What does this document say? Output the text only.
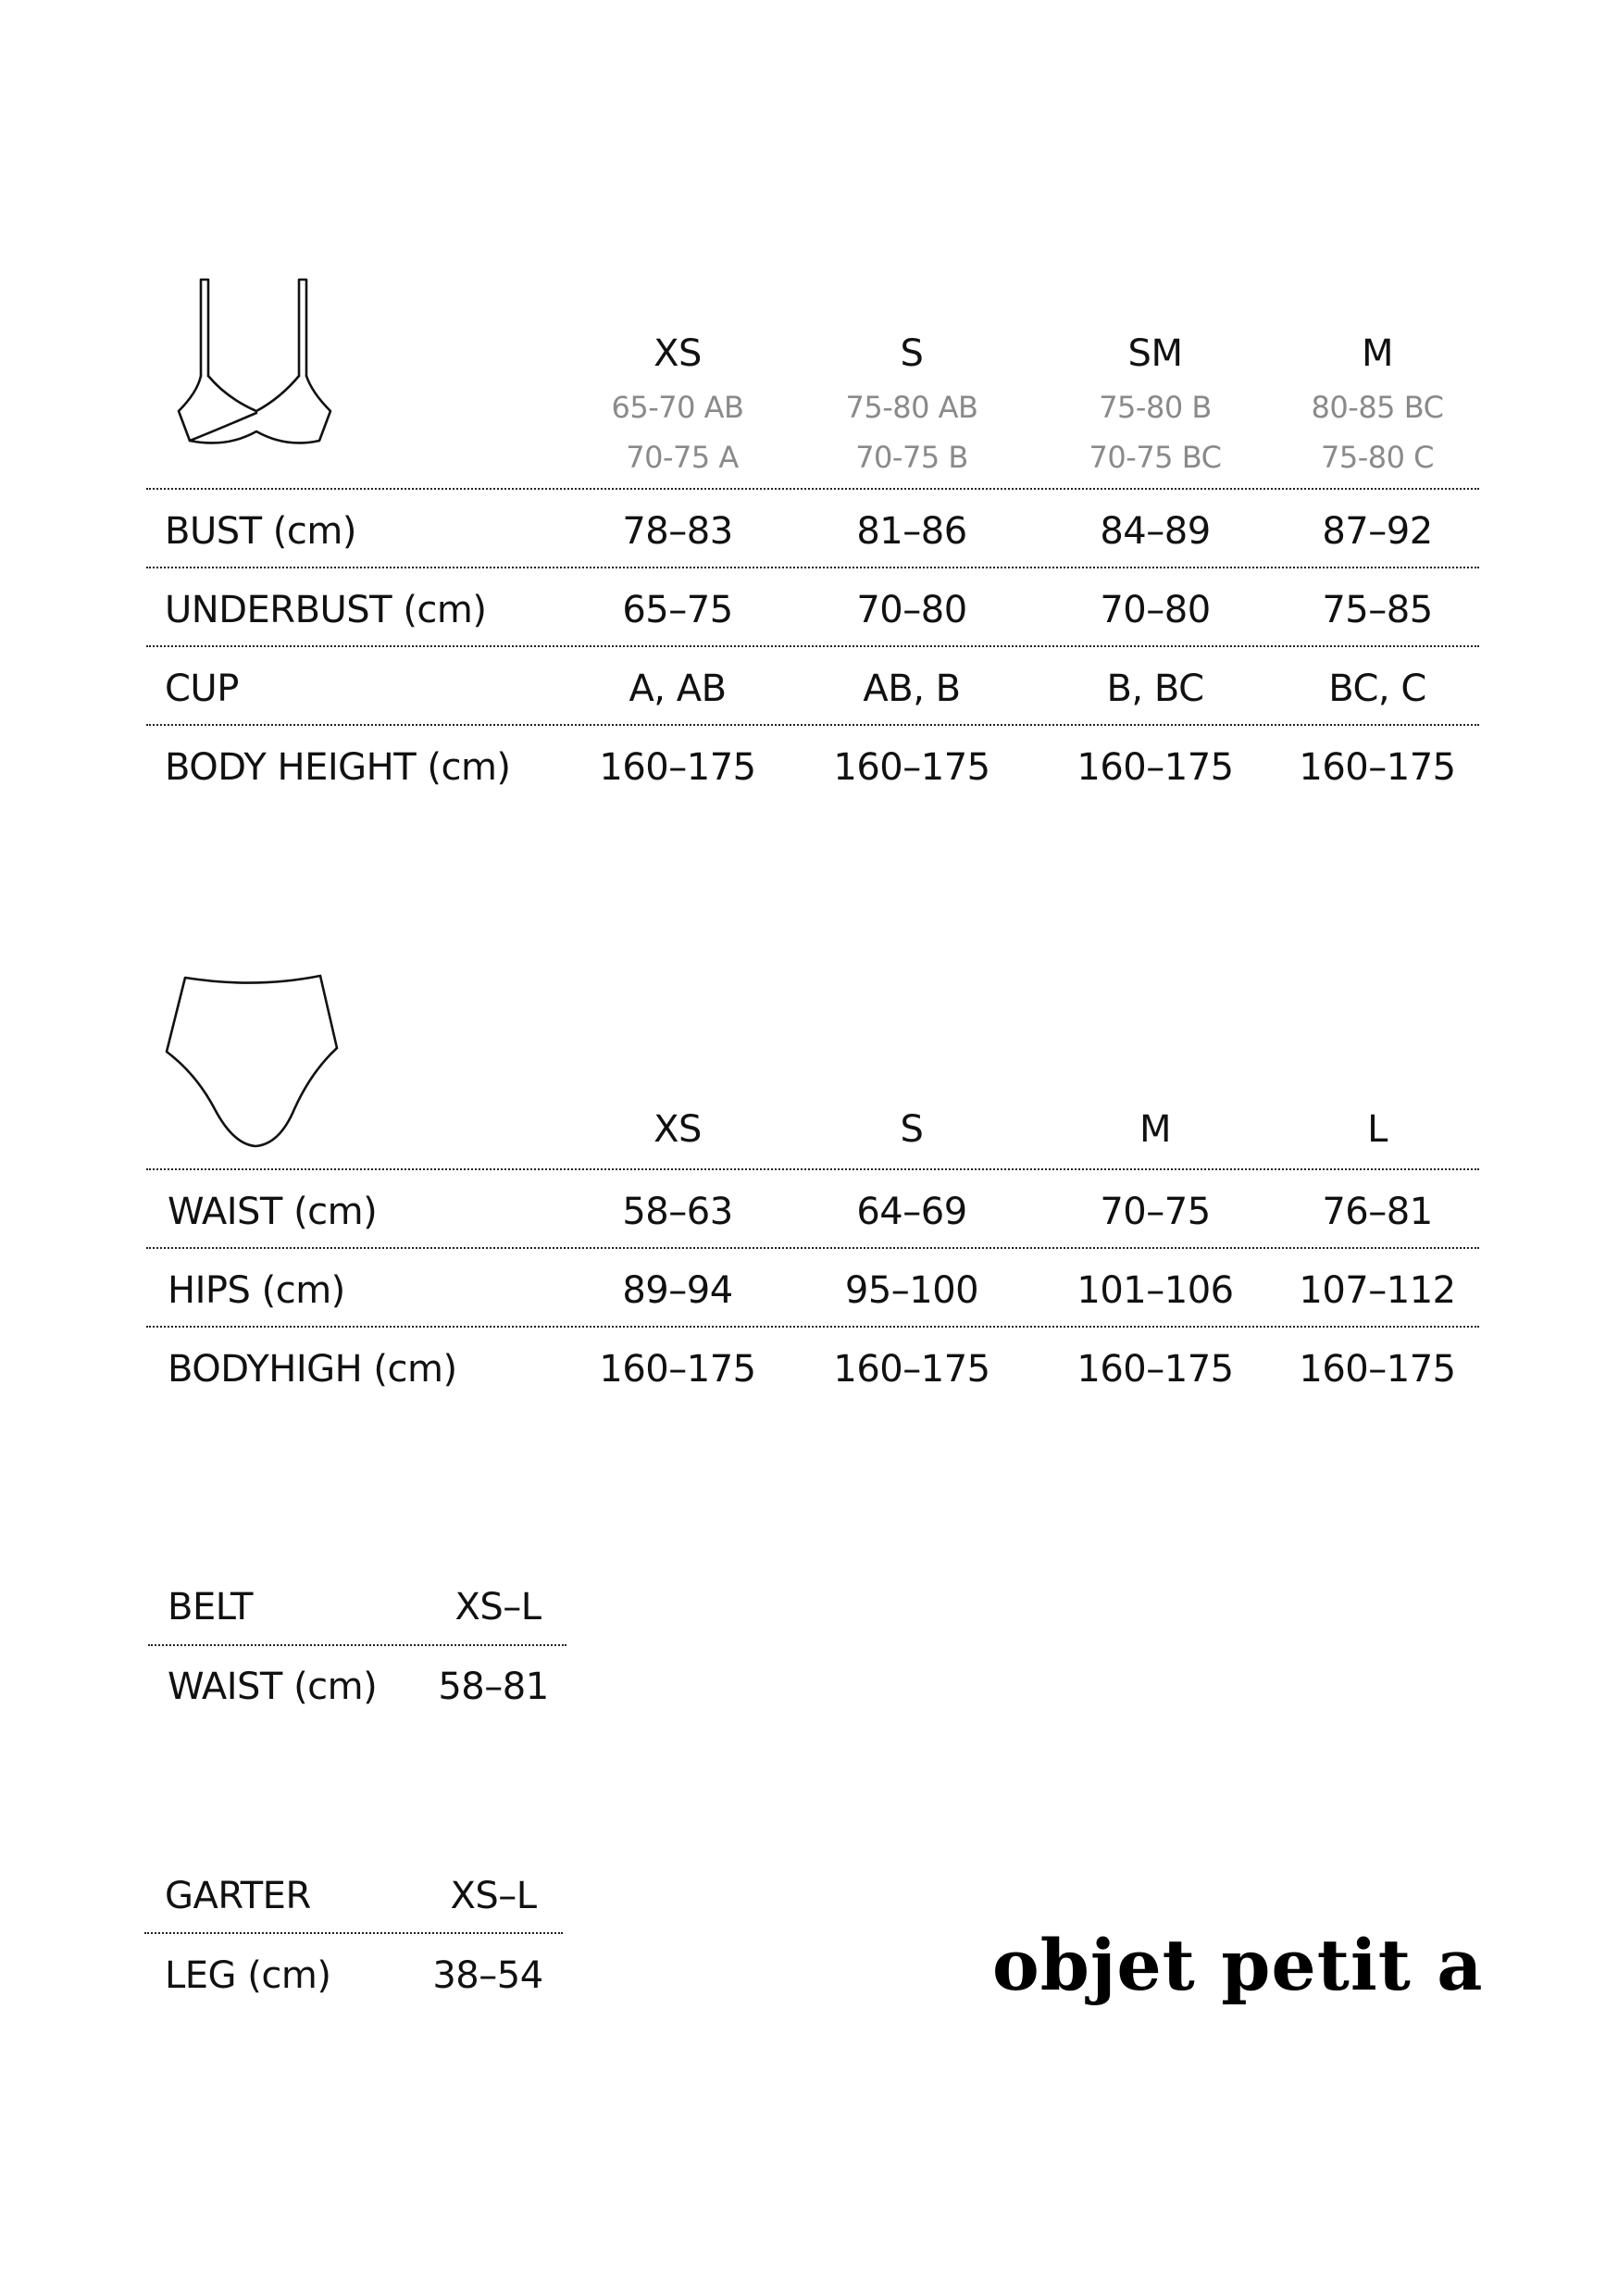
XS	S	SM	M
65-70 AB	75-80 AB	75-80 B	80-85 BC
70-75 A	70-75 B	70-75 BC	75-80 C
BUST (cm)	78–83	81–86	84–89	87–92
UNDERBUST (cm)	65–75	70–80	70–80	75–85
CUP	A, AB	AB, B	B, BC	BC, C
BODY HEIGHT (cm) 160–175 160–175 160–175 160–175
XS	S	M	L
WAIST (cm)	58–63	64–69	70–75	76–81
HIPS (cm)	89–94	95–100	101–106 107–112
BODYHIGH (cm)	160–175 160–175 160–175 160–175
BELT	XS–L
WAIST (cm) 58–81
GARTER	XS–L
LEG (cm)	38–54	objet petit a
